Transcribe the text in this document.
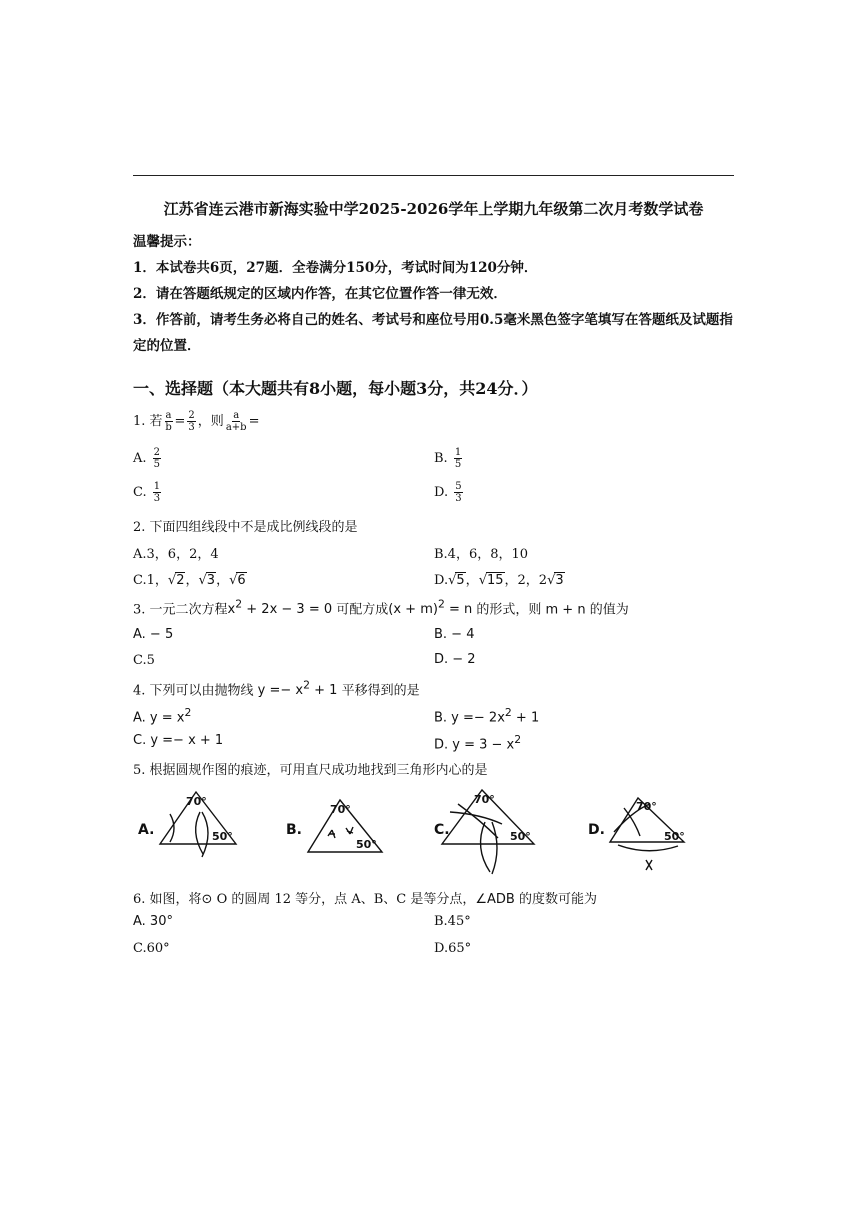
江苏省连云港市新海实验中学2025-2026学年上学期九年级第二次月考数学试卷
温馨提示：
1．本试卷共6页，27题．全卷满分150分，考试时间为120分钟．
2．请在答题纸规定的区域内作答，在其它位置作答一律无效．
3．作答前，请考生务必将自己的姓名、考试号和座位号用0.5毫米黑色签字笔填写在答题纸及试题指
定的位置．
一、选择题（本大题共有8小题，每小题3分，共24分．）
1. 若 $\frac{a}{b} = \frac{2}{3}$ ，则 $\frac{a}{a+b}$ =
A. $\frac{2}{5}$	B. $\frac{1}{5}$
C. $\frac{1}{3}$	D. $\frac{5}{3}$
2. 下面四组线段中不是成比例线段的是
A.3，6，2，4	B.4，6，8，10
C.1，√2，√3，√6	D.√5，√15，2，2√3
3. 一元二次方程$x^2 + 2x - 3 = 0$ 可配方成$(x + m)^2 = n$ 的形式，则 m + n 的值为
A. − 5	B. − 4
C.5	D. − 2
4. 下列可以由抛物线 $y =- x^2 + 1$ 平移得到的是
A. $y = x^2$	B. $y =- 2x^2 + 1$
C. y =− x + 1	D. $y = 3 - x^2$
5. 根据圆规作图的痕迹，可用直尺成功地找到三角形内心的是
70°
50°
70°
50°
70°
50°
70°
50°
A.	B.	C.	D.
6. 如图，将⊙ O 的圆周 12 等分，点 A、B、C 是等分点，∠ADB 的度数可能为
A. 30°	B.45°
C.60°	D.65°
